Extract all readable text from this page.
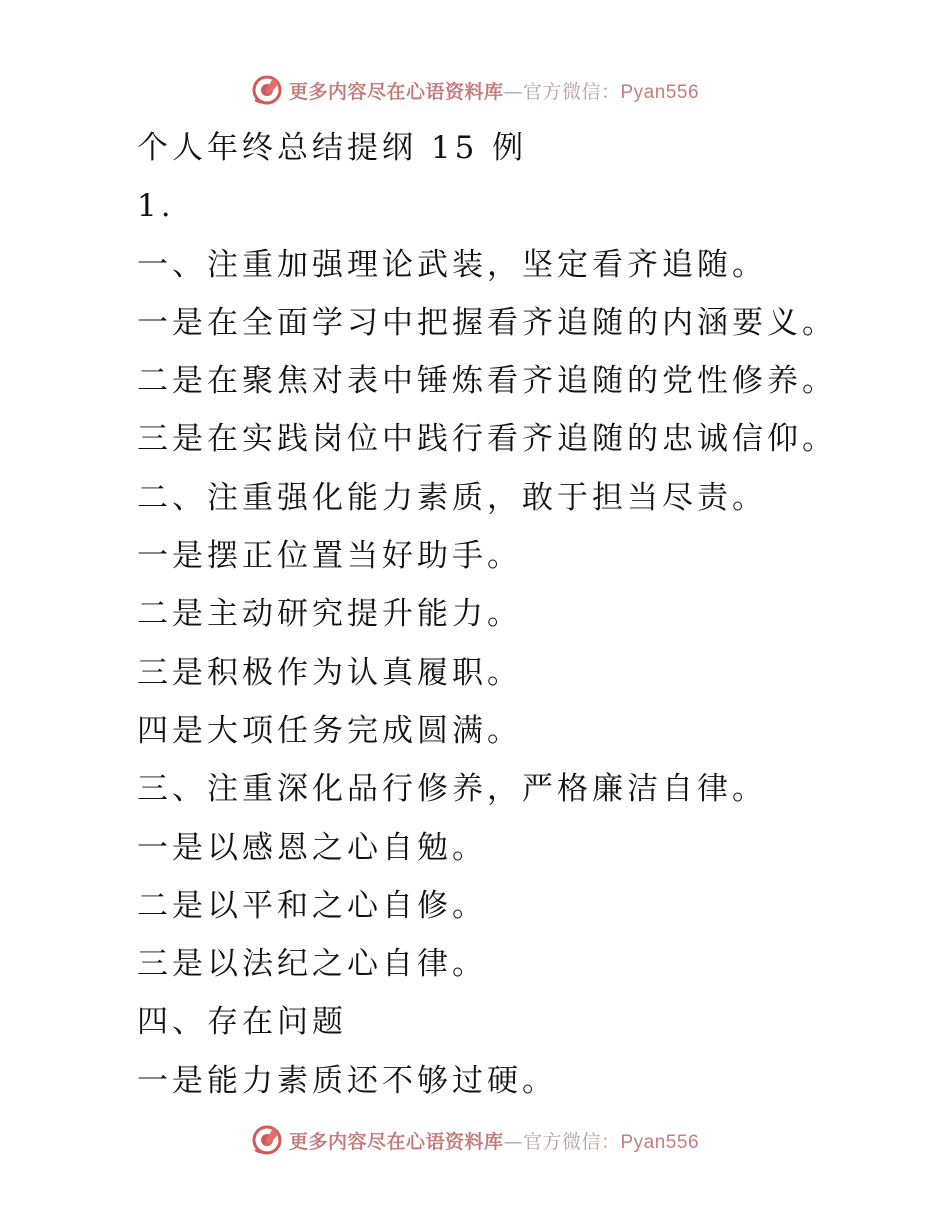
更多内容尽在心语资料库—官方微信：Pyan556
个人年终总结提纲 15 例
1.
一、注重加强理论武装，坚定看齐追随。
一是在全面学习中把握看齐追随的内涵要义。
二是在聚焦对表中锤炼看齐追随的党性修养。
三是在实践岗位中践行看齐追随的忠诚信仰。
二、注重强化能力素质，敢于担当尽责。
一是摆正位置当好助手。
二是主动研究提升能力。
三是积极作为认真履职。
四是大项任务完成圆满。
三、注重深化品行修养，严格廉洁自律。
一是以感恩之心自勉。
二是以平和之心自修。
三是以法纪之心自律。
四、存在问题
一是能力素质还不够过硬。
更多内容尽在心语资料库—官方微信：Pyan556
